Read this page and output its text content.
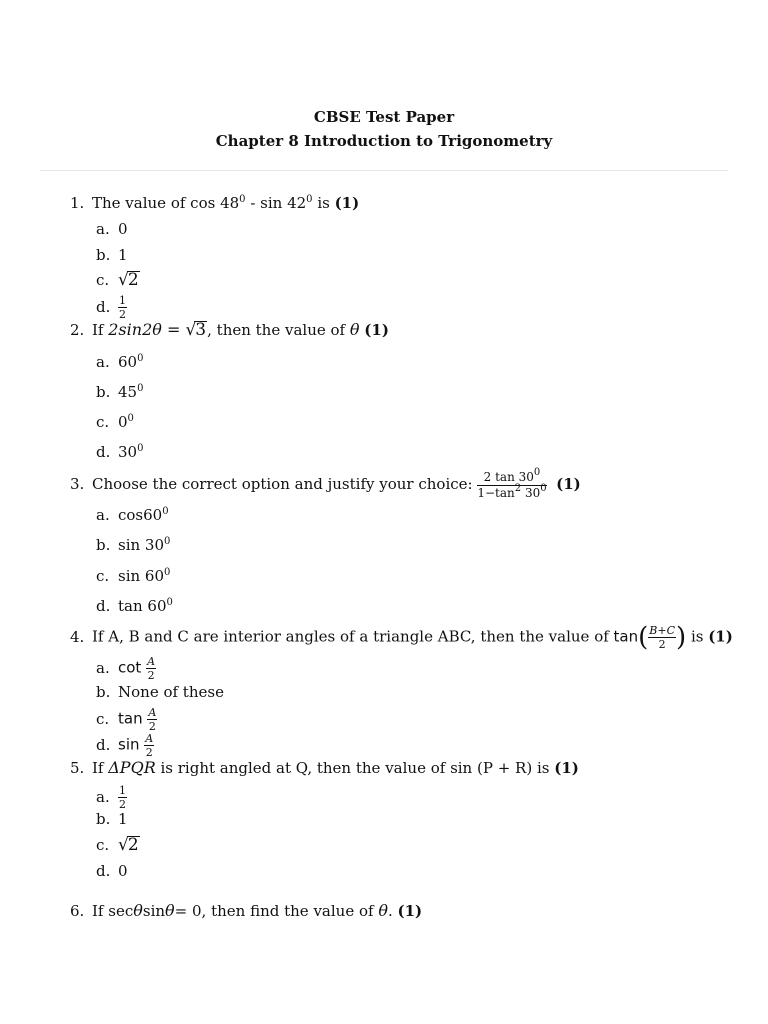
CBSE Test Paper
Chapter 8 Introduction to Trigonometry
1. The value of $\cos 48^0$ - $\sin 42^0$ is (1)
a. 0
b. 1
c. √2
d. $\frac{1}{2}$
2. If 2sin2θ = √3, then the value of θ (1)
a. $60^0$
b. $45^0$
c. $0^0$
d. $30^0$
3. Choose the correct option and justify your choice: $\frac{2 \tan 30^0}{1-\tan^2 30^0} (1)$
a. $\cos 60^0$
b. $\sin 30^0$
c. $\sin 60^0$
d. $\tan 60^0$
4. If A, B and C are interior angles of a triangle ABC, then the value of $\tan( \frac{B+C}{2}$ ) is (1)
a. $\cot \frac{A}{2}$
b. None of these
c. $\tan \frac{A}{2}$
d. $\sin \frac{A}{2}$
5. If ΔPQR is right angled at Q, then the value of sin (P + R) is (1)
a. $\frac{1}{2}$
b. 1
c. √2
d. 0
6. If secθsinθ= 0, then find the value of θ. (1)
